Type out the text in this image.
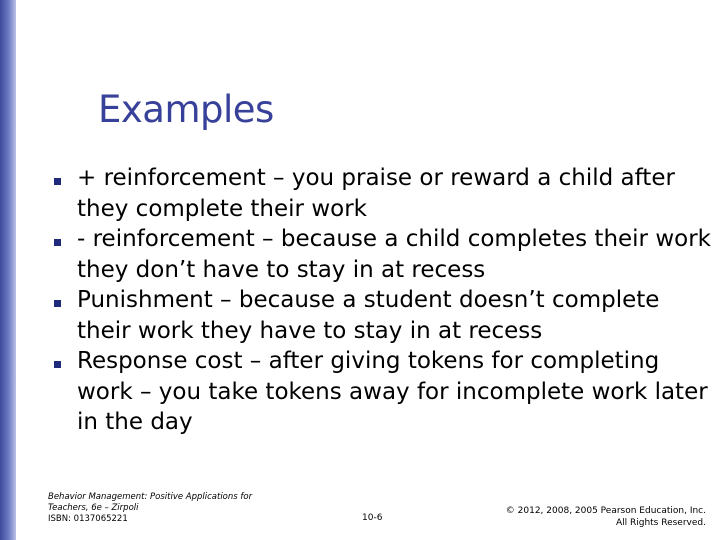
Examples
+ reinforcement – you praise or reward a child after they complete their work
- reinforcement – because a child completes their work they don’t have to stay in at recess
Punishment – because a student doesn’t complete their work they have to stay in at recess
Response cost – after giving tokens for completing work – you take tokens away for incomplete work later in the day
Behavior Management: Positive Applications for Teachers, 6e – Zirpoli
ISBN: 0137065221	10-6
© 2012, 2008, 2005 Pearson Education, Inc.
All Rights Reserved.
